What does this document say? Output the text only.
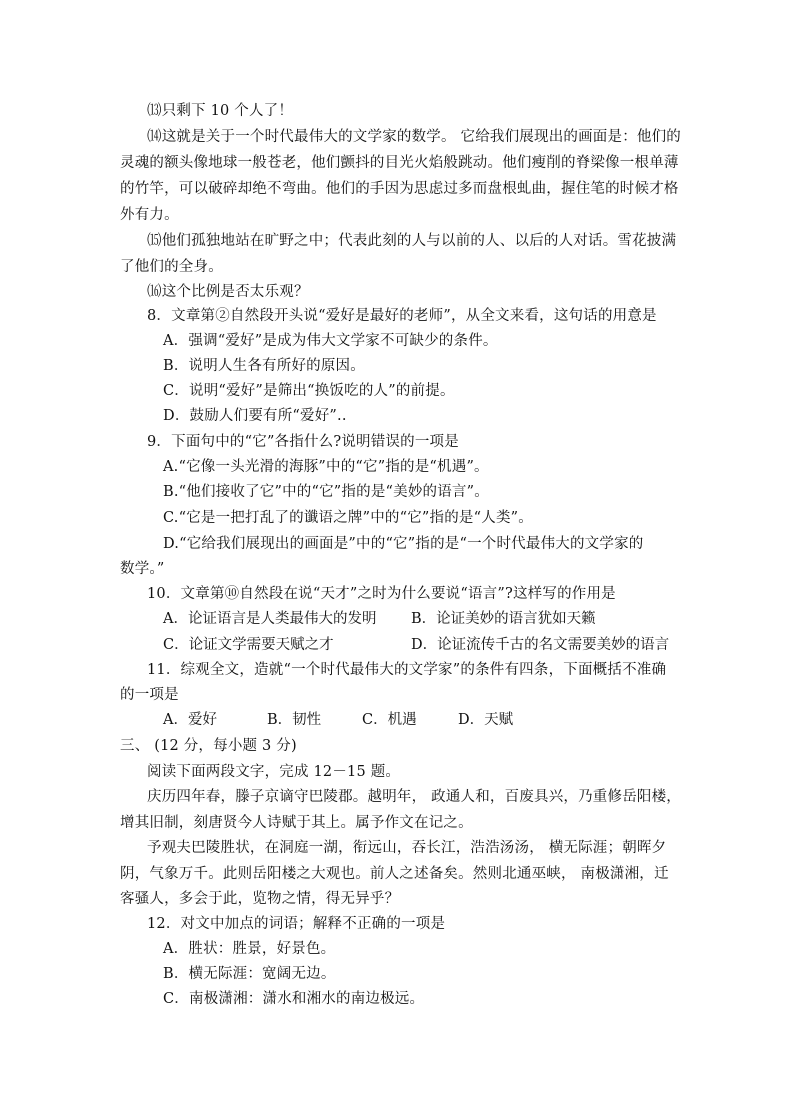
⒀只剩下 10 个人了！
⒁这就是关于一个时代最伟大的文学家的数学。 它给我们展现出的画面是：他们的
灵魂的额头像地球一般苍老，他们颤抖的目光火焰般跳动。他们瘦削的脊梁像一根单薄
的竹竿，可以破碎却绝不弯曲。他们的手因为思虑过多而盘根虬曲，握住笔的时候才格
外有力。
⒂他们孤独地站在旷野之中；代表此刻的人与以前的人、以后的人对话。雪花披满
了他们的全身。
⒃这个比例是否太乐观？
8．文章第②自然段开头说“爱好是最好的老师”，从全文来看，这句话的用意是
A．强调“爱好”是成为伟大文学家不可缺少的条件。
B．说明人生各有所好的原因。
C．说明“爱好”是筛出“换饭吃的人”的前提。
D．鼓励人们要有所“爱好”..
9．下面句中的“它”各指什么?说明错误的一项是
A.“它像一头光滑的海豚”中的“它”指的是“机遇”。
B.“他们接收了它”中的“它”指的是“美妙的语言”。
C.“它是一把打乱了的谶语之牌”中的“它”指的是“人类”。
D.“它给我们展现出的画面是”中的“它”指的是“一个时代最伟大的文学家的
数学。”
10．文章第⑩自然段在说“天才”之时为什么要说“语言”?这样写的作用是
A．论证语言是人类最伟大的发明 B．论证美妙的语言犹如天籁
C．论证文学需要天赋之才	D．论证流传千古的名文需要美妙的语言
11．综观全文，造就“一个时代最伟大的文学家”的条件有四条，下面概括不准确
的一项是
A．爱好	B．韧性	C．机遇	D．天赋
三、 (12 分，每小题 3 分)
阅读下面两段文字，完成 12－15 题。
庆历四年春，滕子京谪守巴陵郡。越明年， 政通人和，百废具兴，乃重修岳阳楼，
增其旧制，刻唐贤今人诗赋于其上。属予作文在记之。
予观夫巴陵胜状，在洞庭一湖，衔远山，吞长江，浩浩汤汤， 横无际涯；朝晖夕
阴，气象万千。此则岳阳楼之大观也。前人之述备矣。然则北通巫峡， 南极潇湘，迁
客骚人，多会于此，览物之情，得无异乎？
12．对文中加点的词语；解释不正确的一项是
A．胜状：胜景，好景色。
B．横无际涯：宽阔无边。
C．南极潇湘：潇水和湘水的南边极远。
